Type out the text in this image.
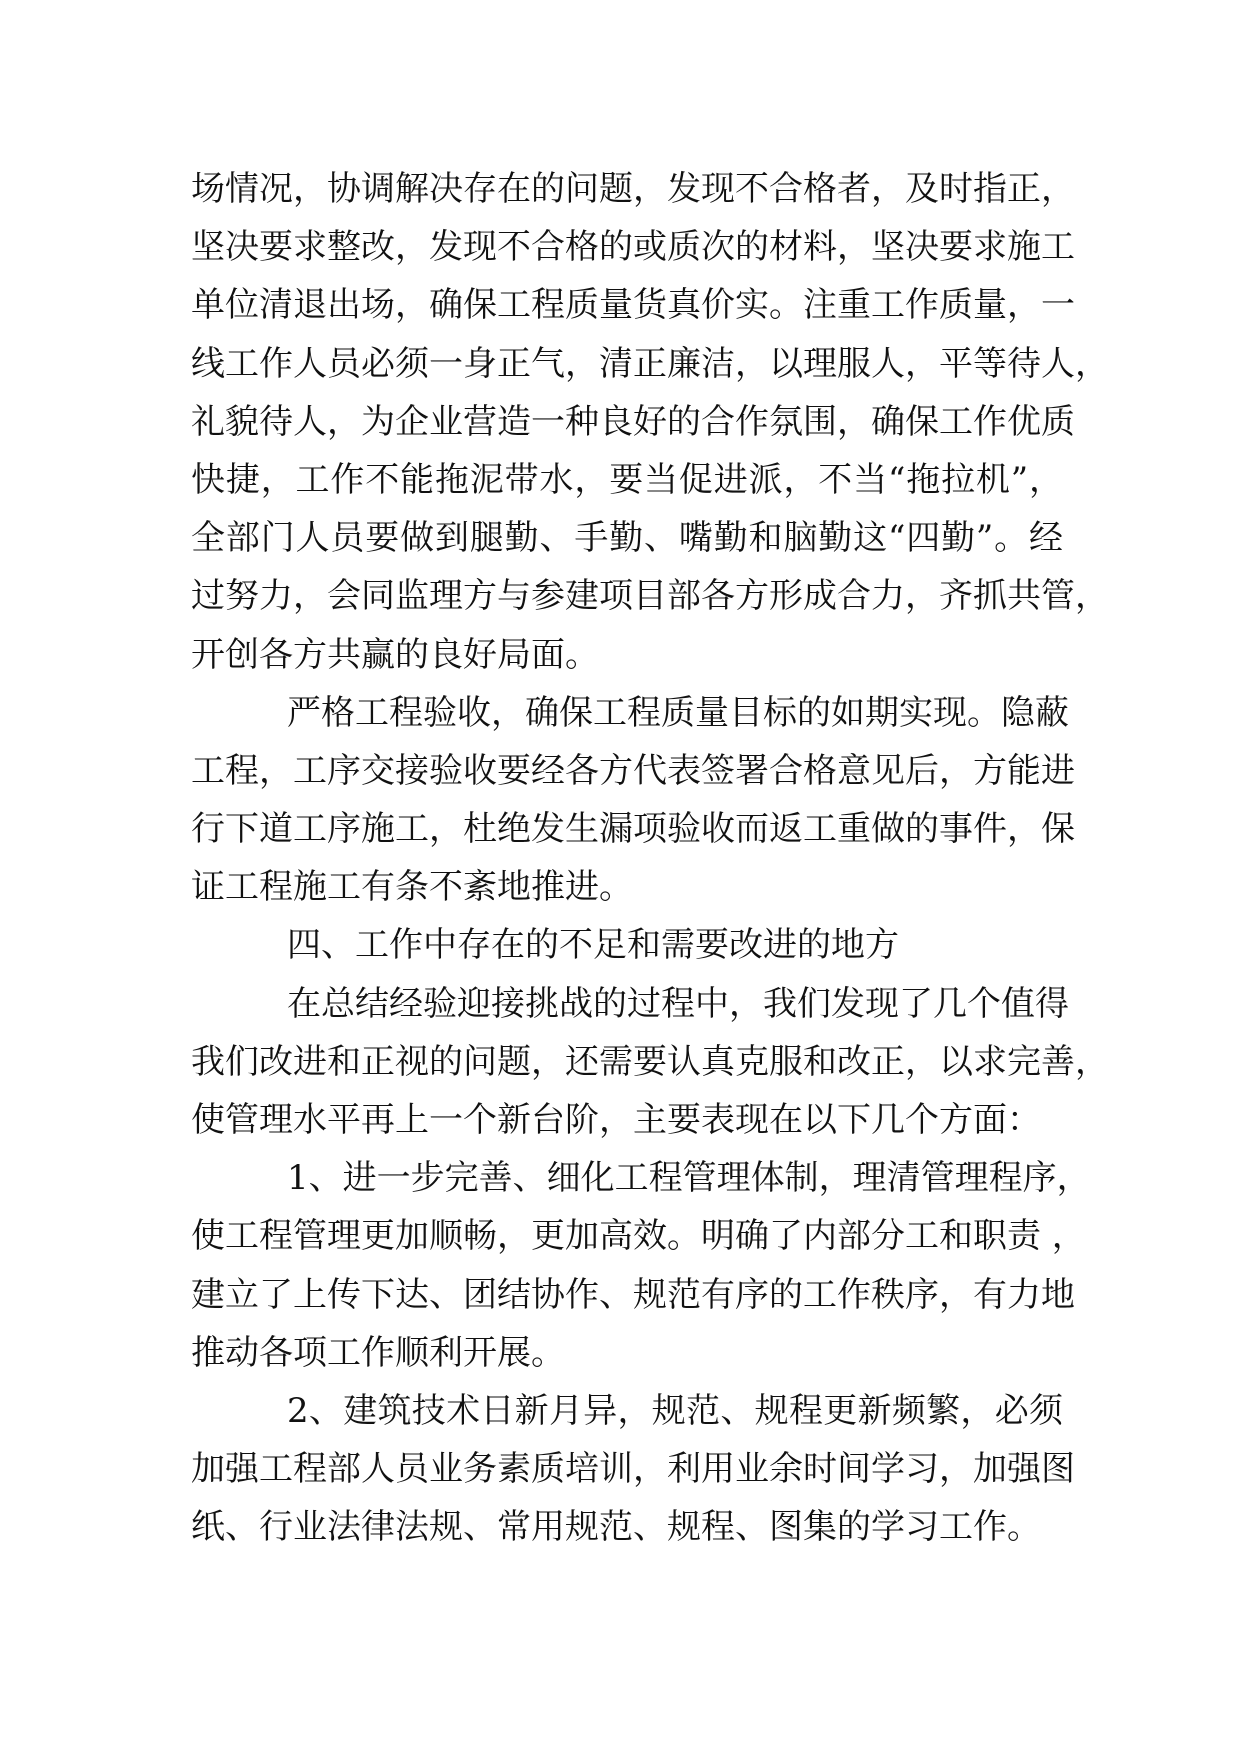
场情况，协调解决存在的问题，发现不合格者，及时指正，
坚决要求整改，发现不合格的或质次的材料，坚决要求施工
单位清退出场，确保工程质量货真价实。注重工作质量，一
线工作人员必须一身正气，清正廉洁，以理服人，平等待人，
礼貌待人，为企业营造一种良好的合作氛围，确保工作优质
快捷，工作不能拖泥带水，要当促进派，不当“拖拉机”，
全部门人员要做到腿勤、手勤、嘴勤和脑勤这“四勤”。经
过努力，会同监理方与参建项目部各方形成合力，齐抓共管，
开创各方共赢的良好局面。
严格工程验收，确保工程质量目标的如期实现。隐蔽
工程，工序交接验收要经各方代表签署合格意见后，方能进
行下道工序施工，杜绝发生漏项验收而返工重做的事件，保
证工程施工有条不紊地推进。
四、工作中存在的不足和需要改进的地方
在总结经验迎接挑战的过程中，我们发现了几个值得
我们改进和正视的问题，还需要认真克服和改正，以求完善，
使管理水平再上一个新台阶，主要表现在以下几个方面：
1、进一步完善、细化工程管理体制，理清管理程序，
使工程管理更加顺畅，更加高效。明确了内部分工和职责 ，
建立了上传下达、团结协作、规范有序的工作秩序，有力地
推动各项工作顺利开展。
2、建筑技术日新月异，规范、规程更新频繁，必须
加强工程部人员业务素质培训，利用业余时间学习，加强图
纸、行业法律法规、常用规范、规程、图集的学习工作。
